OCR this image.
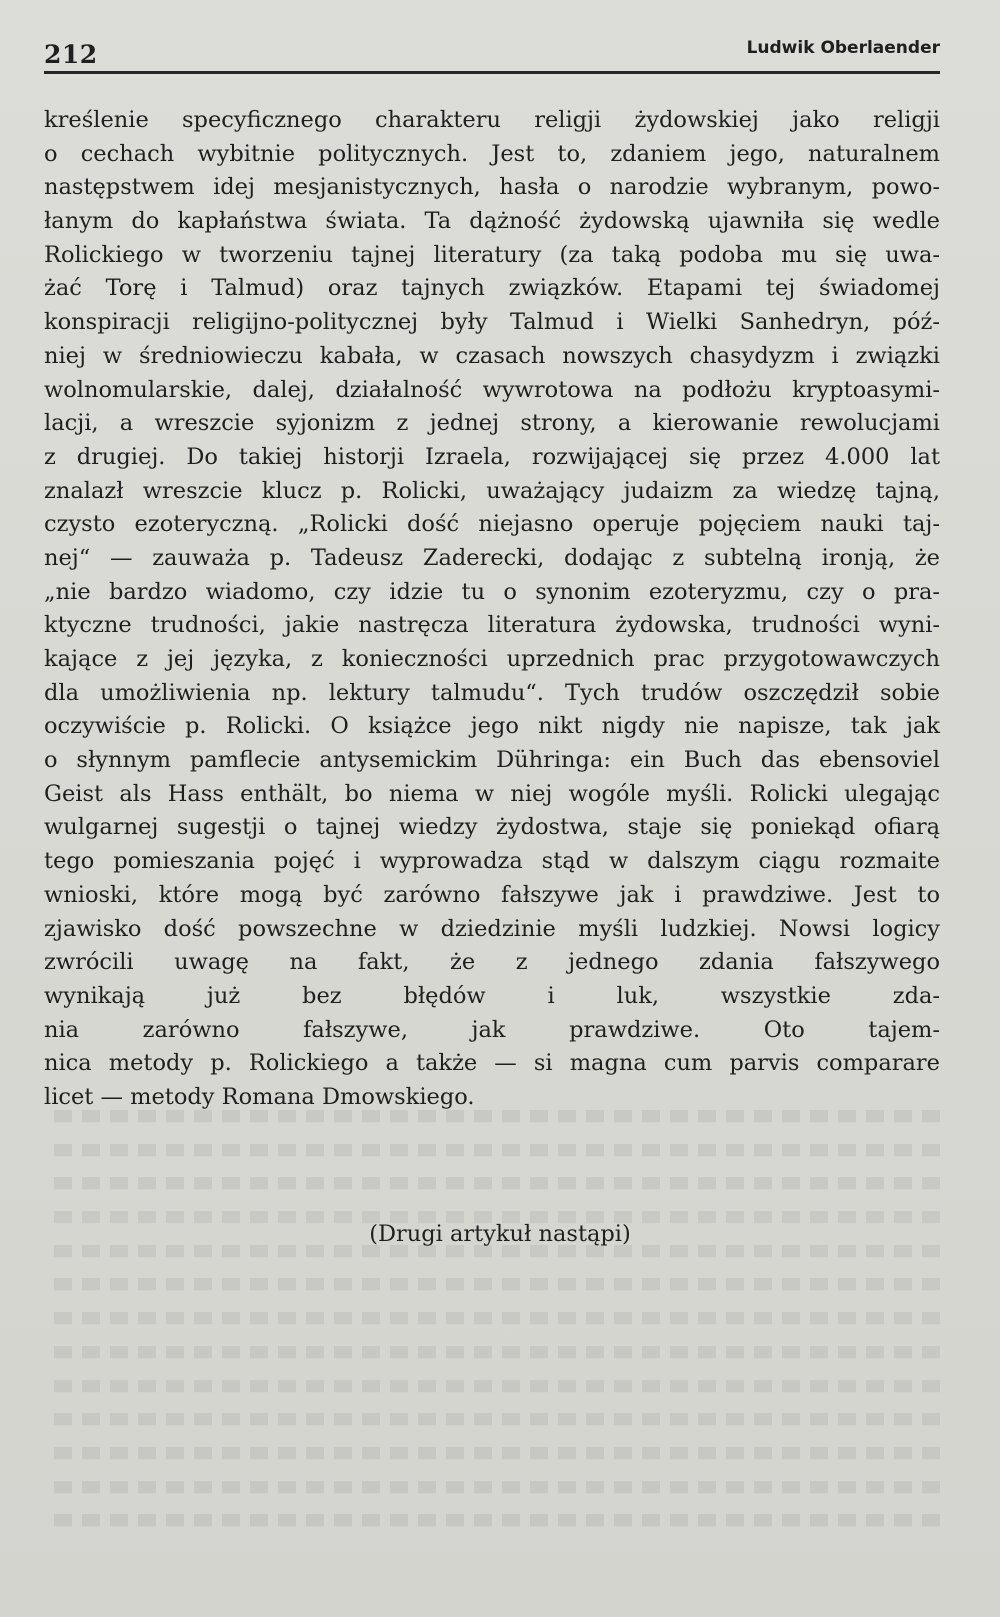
212	Ludwik Oberlaender
kreślenie specyficznego charakteru religji żydowskiej jako religji
o cechach wybitnie politycznych. Jest to, zdaniem jego, naturalnem
następstwem idej mesjanistycznych, hasła o narodzie wybranym, powo-
łanym do kapłaństwa świata. Ta dążność żydowską ujawniła się wedle
Rolickiego w tworzeniu tajnej literatury (za taką podoba mu się uwa-
żać Torę i Talmud) oraz tajnych związków. Etapami tej świadomej
konspiracji religijno-politycznej były Talmud i Wielki Sanhedryn, póź-
niej w średniowieczu kabała, w czasach nowszych chasydyzm i związki
wolnomularskie, dalej, działalność wywrotowa na podłożu kryptoasymi-
lacji, a wreszcie syjonizm z jednej strony, a kierowanie rewolucjami
z drugiej. Do takiej historji Izraela, rozwijającej się przez 4.000 lat
znalazł wreszcie klucz p. Rolicki, uważający judaizm za wiedzę tajną,
czysto ezoteryczną. „Rolicki dość niejasno operuje pojęciem nauki taj-
nej“ — zauważa p. Tadeusz Zaderecki, dodając z subtelną ironją, że
„nie bardzo wiadomo, czy idzie tu o synonim ezoteryzmu, czy o pra-
ktyczne trudności, jakie nastręcza literatura żydowska, trudności wyni-
kające z jej języka, z konieczności uprzednich prac przygotowawczych
dla umożliwienia np. lektury talmudu“. Tych trudów oszczędził sobie
oczywiście p. Rolicki. O książce jego nikt nigdy nie napisze, tak jak
o słynnym pamflecie antysemickim Dühringa: ein Buch das ebensoviel
Geist als Hass enthält, bo niema w niej wogóle myśli. Rolicki ulegając
wulgarnej sugestji o tajnej wiedzy żydostwa, staje się poniekąd ofiarą
tego pomieszania pojęć i wyprowadza stąd w dalszym ciągu rozmaite
wnioski, które mogą być zarówno fałszywe jak i prawdziwe. Jest to
zjawisko dość powszechne w dziedzinie myśli ludzkiej. Nowsi logicy
zwrócili uwagę na fakt, że z jednego zdania fałszywego
wynikają już bez błędów i luk, wszystkie zda-
nia zarówno fałszywe, jak prawdziwe. Oto tajem-
nica metody p. Rolickiego a także — si magna cum parvis comparare
licet — metody Romana Dmowskiego.
(Drugi artykuł nastąpi)
